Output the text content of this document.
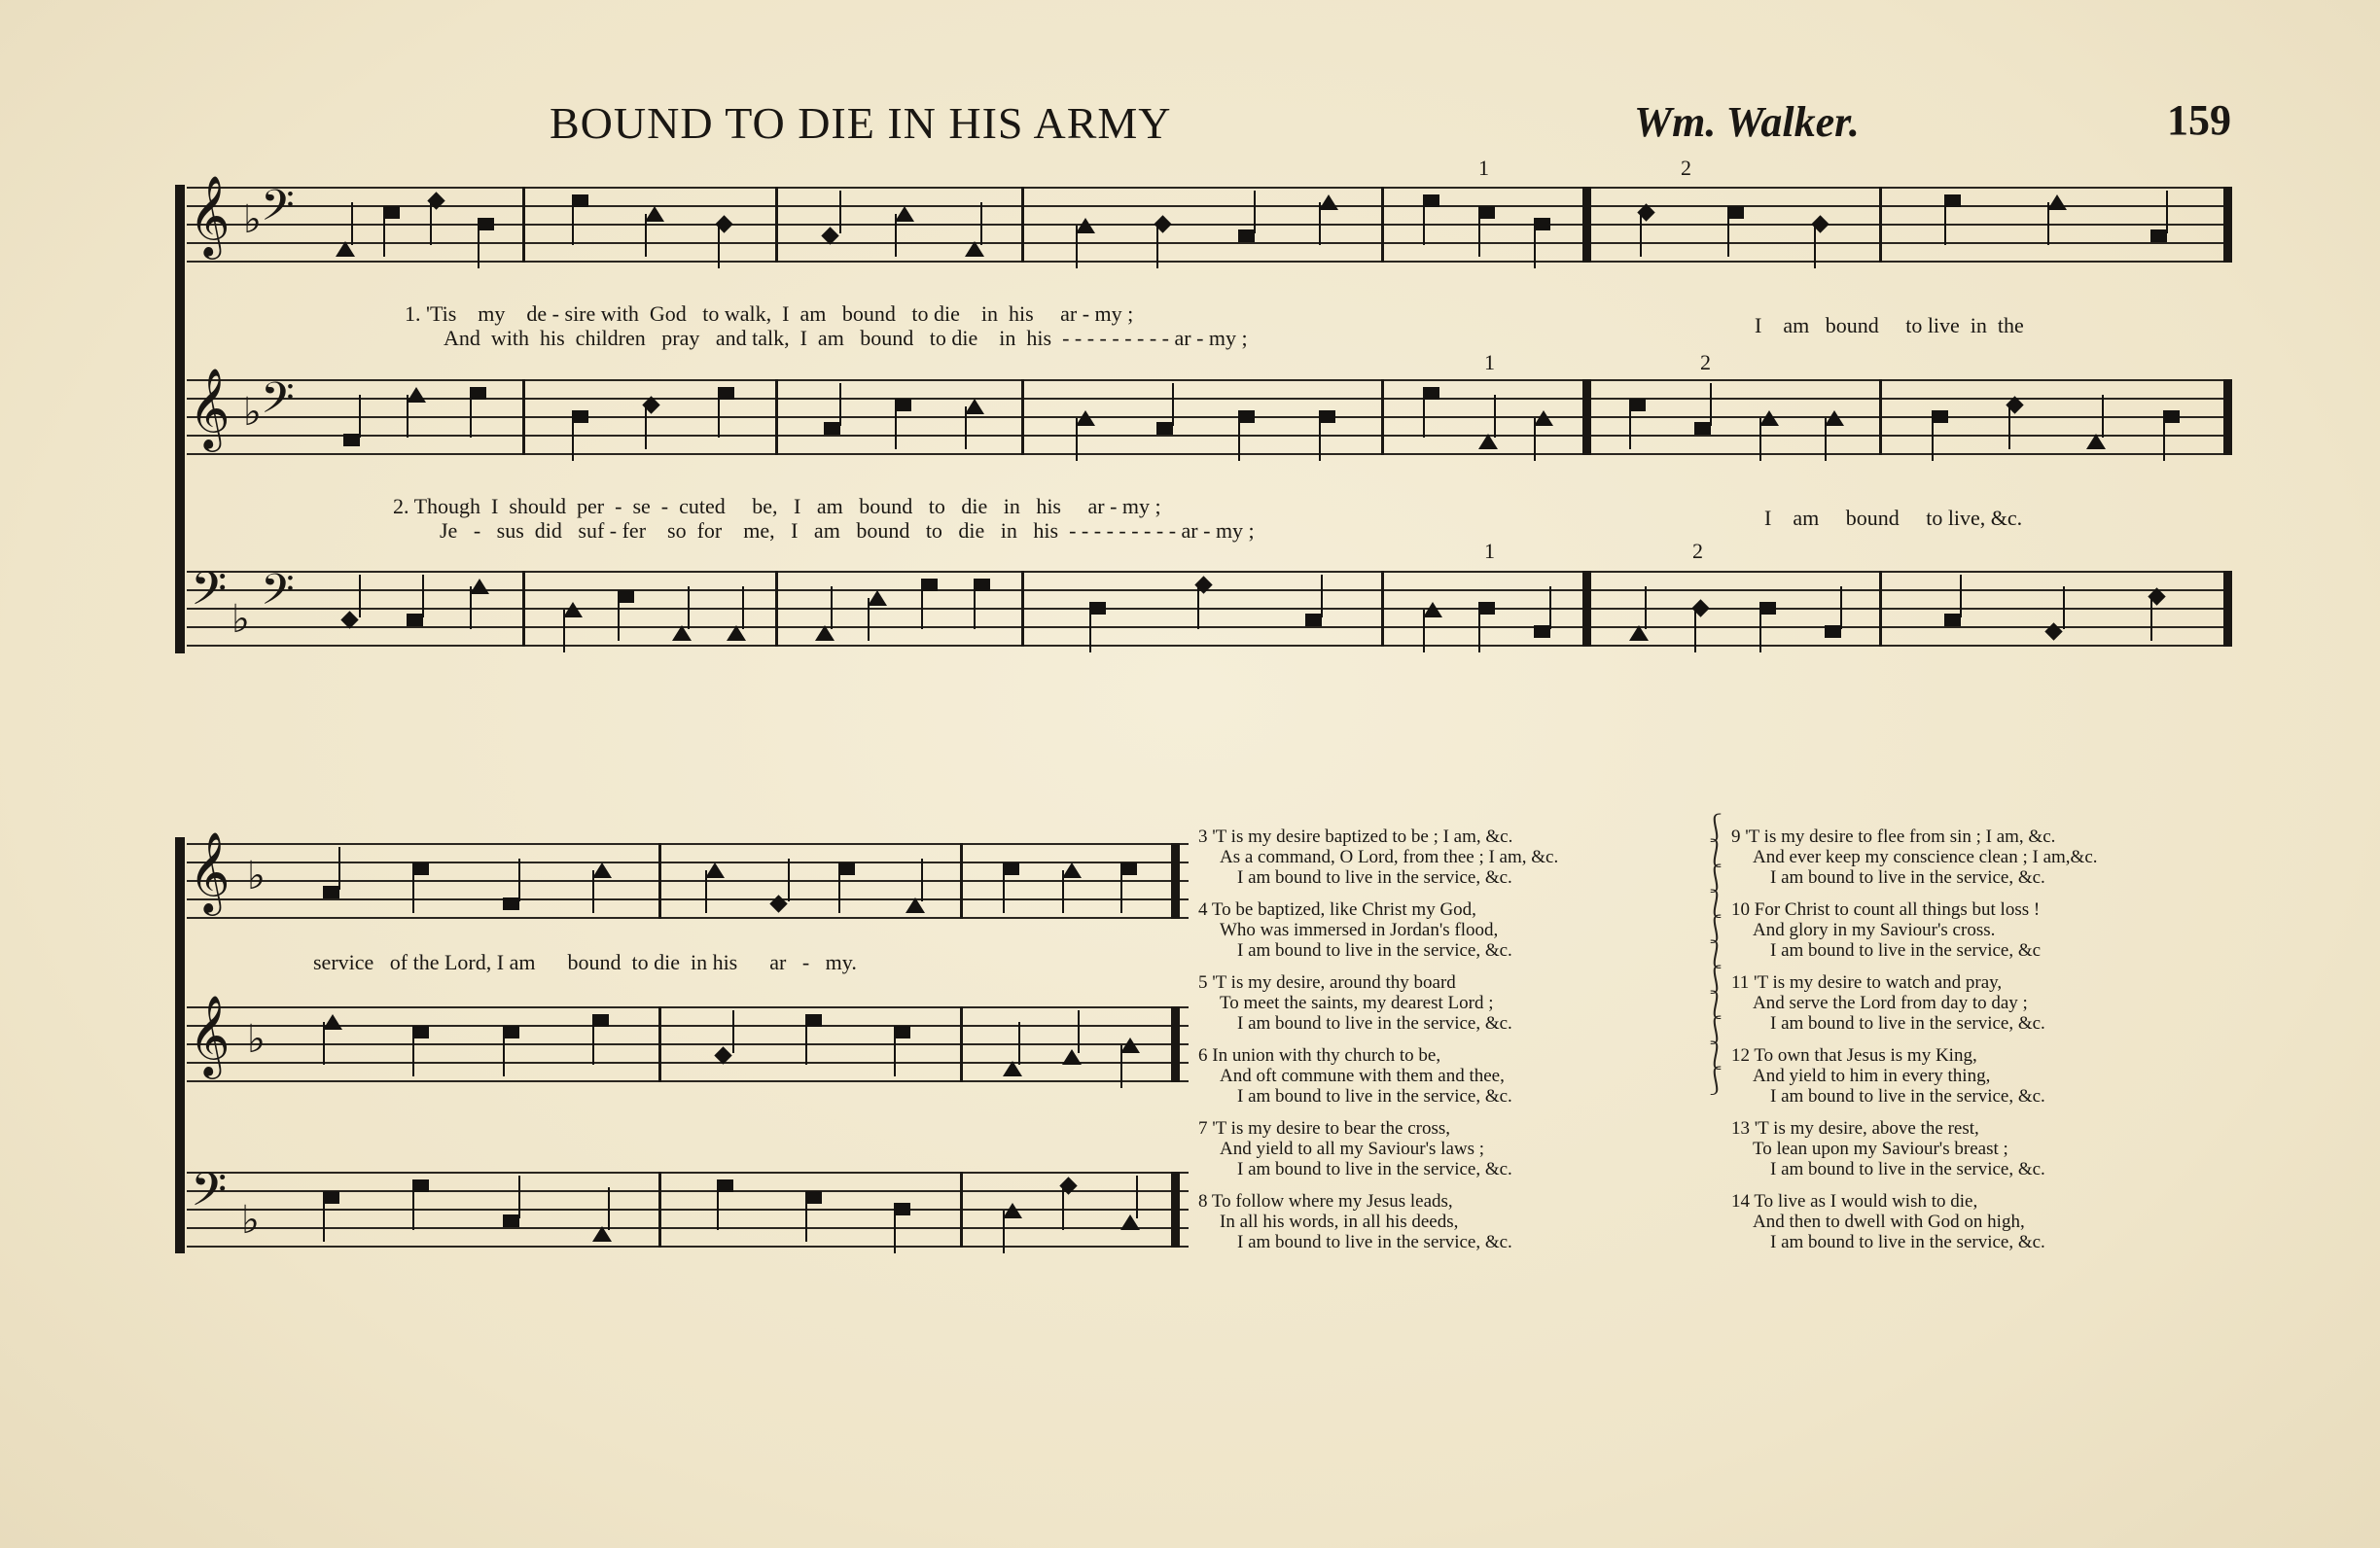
BOUND TO DIE IN HIS ARMY	Wm. Walker.	159
1	2
𝄞 ♭ 𝄢
𝄞 ♭ 𝄢
𝄢 ♭ 𝄢
1	2
1	2
1. 'Tis    my    de - sire with  God   to walk,  I  am   bound   to die    in  his     ar - my ;
And  with  his  children   pray   and talk,  I  am   bound   to die    in  his  - - - - - - - - - ar - my ;
I    am   bound     to live  in  the
2. Though  I  should  per  -  se  -  cuted     be,   I   am   bound   to   die   in   his     ar - my ;
Je   -   sus  did   suf - fer    so  for    me,   I   am   bound   to   die   in   his  - - - - - - - - - ar - my ;
I    am     bound     to live, &c.
𝄞 ♭
𝄞 ♭
𝄢 ♭
service   of the Lord, I am      bound  to die  in his      ar   -   my.
3 'T is my desire baptized to be ; I am, &c.
As a command, O Lord, from thee ; I am, &c.
I am bound to live in the service, &c.
4 To be baptized, like Christ my God,
Who was immersed in Jordan's flood,
I am bound to live in the service, &c.
5 'T is my desire, around thy board
To meet the saints, my dearest Lord ;
I am bound to live in the service, &c.
6 In union with thy church to be,
And oft commune with them and thee,
I am bound to live in the service, &c.
7 'T is my desire to bear the cross,
And yield to all my Saviour's laws ;
I am bound to live in the service, &c.
8 To follow where my Jesus leads,
In all his words, in all his deeds,
I am bound to live in the service, &c.
⎰
⎱
⎰
⎱
⎰
⎱
⎰
⎱
⎰
⎱
⎰
9 'T is my desire to flee from sin ; I am, &c.
And ever keep my conscience clean ; I am,&c.
I am bound to live in the service, &c.
10 For Christ to count all things but loss !
And glory in my Saviour's cross.
I am bound to live in the service, &c
11 'T is my desire to watch and pray,
And serve the Lord from day to day ;
I am bound to live in the service, &c.
12 To own that Jesus is my King,
And yield to him in every thing,
I am bound to live in the service, &c.
13 'T is my desire, above the rest,
To lean upon my Saviour's breast ;
I am bound to live in the service, &c.
14 To live as I would wish to die,
And then to dwell with God on high,
I am bound to live in the service, &c.
